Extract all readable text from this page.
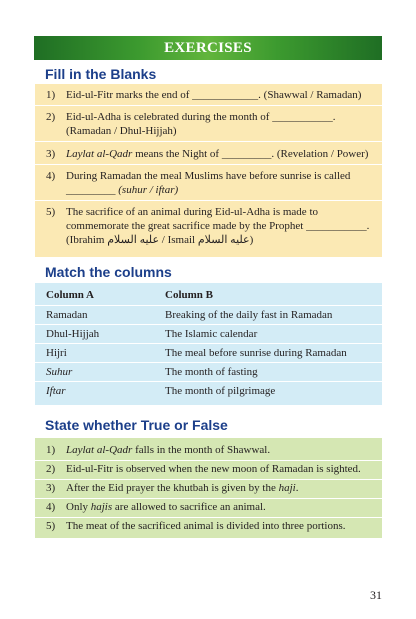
EXERCISES
Fill in the Blanks
1) Eid-ul-Fitr marks the end of ____________. (Shawwal / Ramadan)
2) Eid-ul-Adha is celebrated during the month of ___________.
(Ramadan / Dhul-Hijjah)
3) Laylat al-Qadr means the Night of _________. (Revelation / Power)
4) During Ramadan the meal Muslims have before sunrise is called
_________ (suhur / iftar)
5) The sacrifice of an animal during Eid-ul-Adha is made to
commemorate the great sacrifice made by the Prophet ___________.
(Ibrahim عليه السلام / Ismail عليه السلام)
Match the columns
Column A	Column B
Ramadan	Breaking of the daily fast in Ramadan
Dhul-Hijjah	The Islamic calendar
Hijri	The meal before sunrise during Ramadan
Suhur	The month of fasting
Iftar	The month of pilgrimage
State whether True or False
1) Laylat al-Qadr falls in the month of Shawwal.
2) Eid-ul-Fitr is observed when the new moon of Ramadan is sighted.
3) After the Eid prayer the khutbah is given by the haji.
4) Only hajis are allowed to sacrifice an animal.
5) The meat of the sacrificed animal is divided into three portions.
31
